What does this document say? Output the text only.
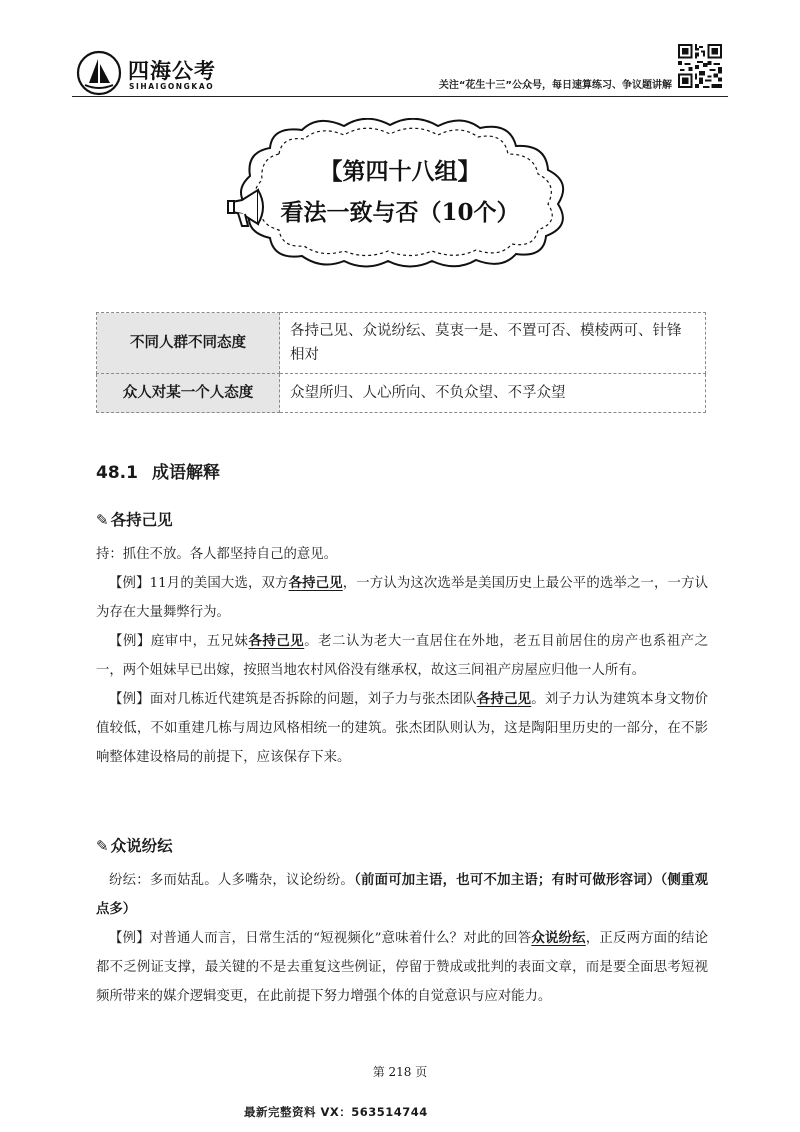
四海公考
SIHAIGONGKAO	关注“花生十三”公众号，每日速算练习、争议题讲解
【第四十八组】
看法一致与否（10个）
不同人群不同态度	各持己见、众说纷纭、莫衷一是、不置可否、模棱两可、针锋相对
众人对某一个人态度	众望所归、人心所向、不负众望、不孚众望
48.1 成语解释
✎ 各持己见
持：抓住不放。各人都坚持自己的意见。
【例】11月的美国大选，双方各持己见，一方认为这次选举是美国历史上最公平的选举之一，一方认为存在大量舞弊行为。
【例】庭审中，五兄妹各持己见。老二认为老大一直居住在外地，老五目前居住的房产也系祖产之一，两个姐妹早已出嫁，按照当地农村风俗没有继承权，故这三间祖产房屋应归他一人所有。
【例】面对几栋近代建筑是否拆除的问题，刘子力与张杰团队各持己见。刘子力认为建筑本身文物价值较低，不如重建几栋与周边风格相统一的建筑。张杰团队则认为，这是陶阳里历史的一部分，在不影响整体建设格局的前提下，应该保存下来。
✎ 众说纷纭
纷纭：多而姑乱。人多嘴杂，议论纷纷。（前面可加主语，也可不加主语；有时可做形容词）（侧重观点多）
【例】对普通人而言，日常生活的“短视频化”意味着什么？对此的回答众说纷纭，正反两方面的结论都不乏例证支撑，最关键的不是去重复这些例证，停留于赞成或批判的表面文章，而是要全面思考短视频所带来的媒介逻辑变更，在此前提下努力增强个体的自觉意识与应对能力。
第 218 页
最新完整资料 VX：563514744
